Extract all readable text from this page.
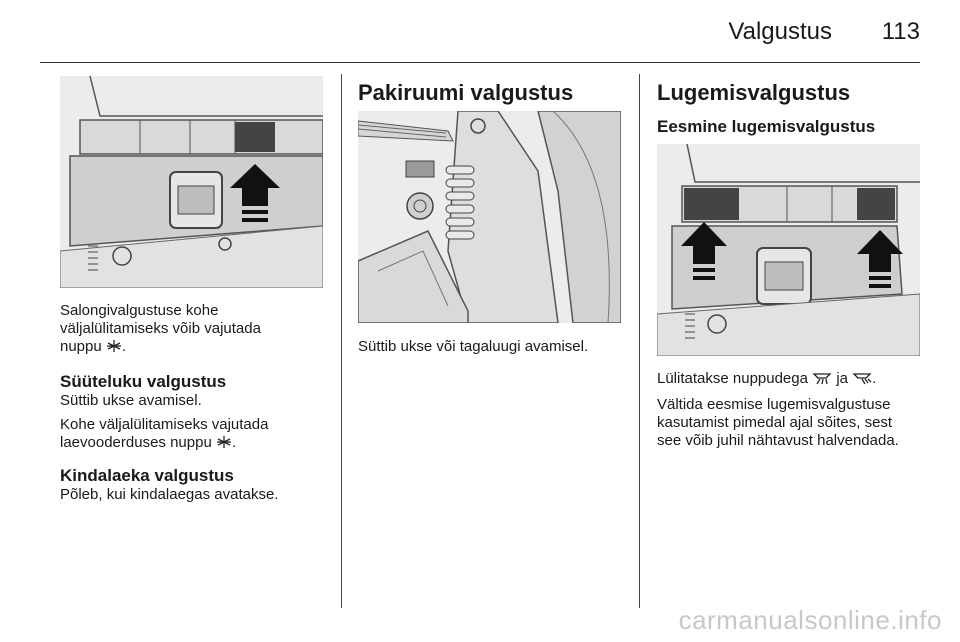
Valgustus 113

Salongivalgustuse kohe

väljalülitamiseks võib vajutada

nuppu .

Süüteluku valgustus

Süttib ukse avamisel.

Kohe väljalülitamiseks vajutada

laevooderduses nuppu .

Kindalaeka valgustus

Põleb, kui kindalaegas avatakse.

Pakiruumi valgustus

Süttib ukse või tagaluugi avamisel.

Lugemisvalgustus
Eesmine lugemisvalgustus

Lülitatakse nuppudega ja .

Vältida eesmise lugemisvalgustuse

kasutamist pimedal ajal sõites, sest

see võib juhil nähtavust halvendada.

carmanualsonline.info
